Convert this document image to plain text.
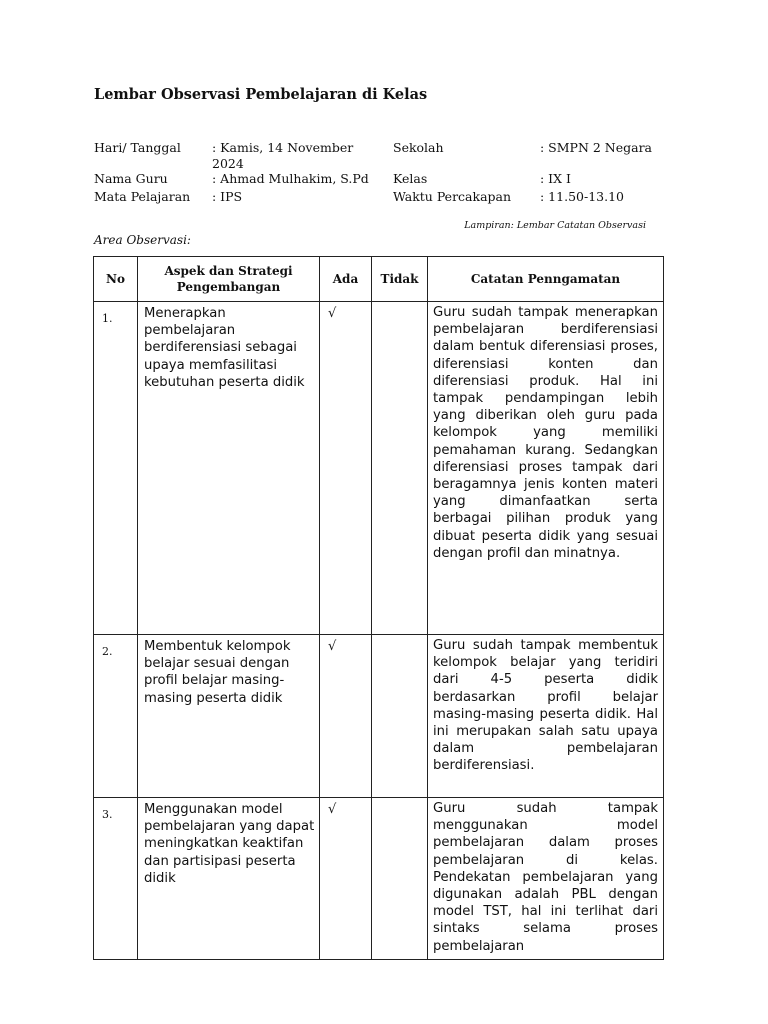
Lembar Observasi Pembelajaran di Kelas
Hari/ Tanggal : Kamis, 14 November 2024
Nama Guru	: Ahmad Mulhakim, S.Pd
Mata Pelajaran : IPS
Sekolah	: SMPN 2 Negara
Kelas	: IX I
Waktu Percakapan : 11.50-13.10
Lampiran: Lembar Catatan Observasi
Area Observasi:
No	Aspek dan Strategi Pengembangan	Ada	Tidak	Catatan Penngamatan
1.	Menerapkan pembelajaran berdiferensiasi sebagai upaya memfasilitasi kebutuhan peserta didik	√		Guru sudah tampak menerapkan pembelajaran berdiferensiasi dalam bentuk diferensiasi proses, diferensiasi konten dan diferensiasi produk. Hal ini tampak pendampingan lebih yang diberikan oleh guru pada kelompok yang memiliki pemahaman kurang. Sedangkan diferensiasi proses tampak dari beragamnya jenis konten materi yang dimanfaatkan serta berbagai pilihan produk yang dibuat peserta didik yang sesuai dengan profil dan minatnya.
2.	Membentuk kelompok belajar sesuai dengan profil belajar masing-masing peserta didik	√		Guru sudah tampak membentuk kelompok belajar yang teridiri dari 4-5 peserta didik berdasarkan profil belajar masing-masing peserta didik. Hal ini merupakan salah satu upaya dalam pembelajaran berdiferensiasi.
3.	Menggunakan model pembelajaran yang dapat meningkatkan keaktifan dan partisipasi peserta didik	√		Guru sudah tampak menggunakan model pembelajaran dalam proses pembelajaran di kelas. Pendekatan pembelajaran yang digunakan adalah PBL dengan model TST, hal ini terlihat dari sintaks selama proses pembelajaran
